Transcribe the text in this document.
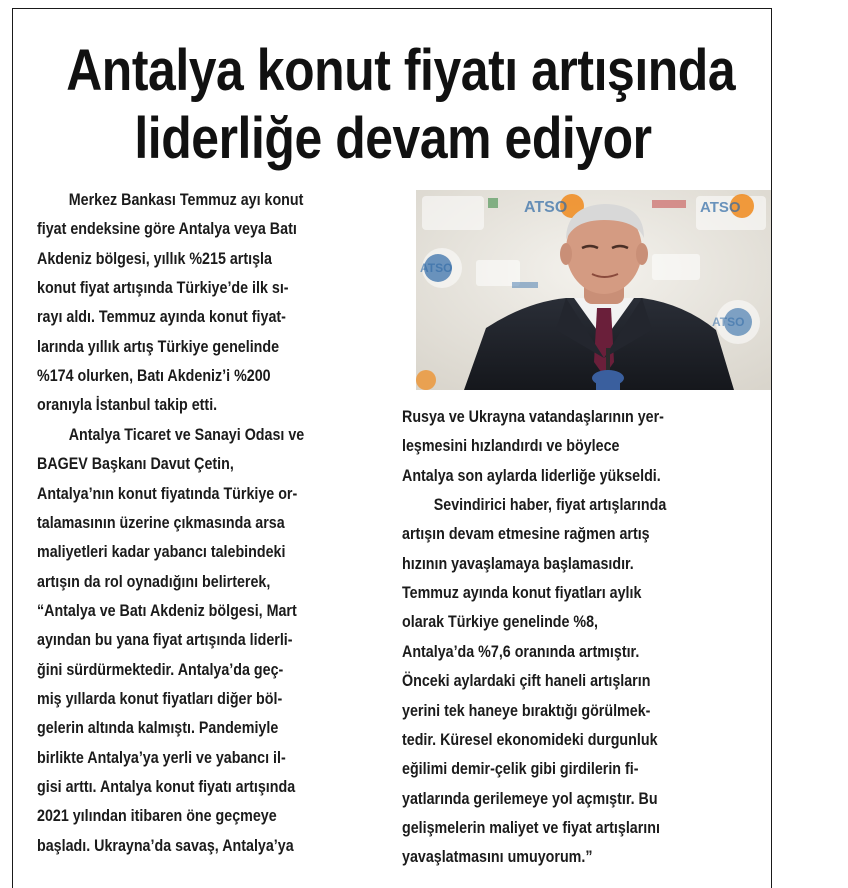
Antalya konut fiyatı artışında
liderliğe devam ediyor
Merkez Bankası Temmuz ayı konut
fiyat endeksine göre Antalya veya Batı
Akdeniz bölgesi, yıllık %215 artışla
konut fiyat artışında Türkiye’de ilk sı-
rayı aldı. Temmuz ayında konut fiyat-
larında yıllık artış Türkiye genelinde
%174 olurken, Batı Akdeniz’i %200
oranıyla İstanbul takip etti.
Antalya Ticaret ve Sanayi Odası ve
BAGEV Başkanı Davut Çetin,
Antalya’nın konut fiyatında Türkiye or-
talamasının üzerine çıkmasında arsa
maliyetleri kadar yabancı talebindeki
artışın da rol oynadığını belirterek,
“Antalya ve Batı Akdeniz bölgesi, Mart
ayından bu yana fiyat artışında liderli-
ğini sürdürmektedir. Antalya’da geç-
miş yıllarda konut fiyatları diğer böl-
gelerin altında kalmıştı. Pandemiyle
birlikte Antalya’ya yerli ve yabancı il-
gisi arttı. Antalya konut fiyatı artışında
2021 yılından itibaren öne geçmeye
başladı. Ukrayna’da savaş, Antalya’ya
ATSO	ATSO
ATSO
ATSO
Rusya ve Ukrayna vatandaşlarının yer-
leşmesini hızlandırdı ve böylece
Antalya son aylarda liderliğe yükseldi.
Sevindirici haber, fiyat artışlarında
artışın devam etmesine rağmen artış
hızının yavaşlamaya başlamasıdır.
Temmuz ayında konut fiyatları aylık
olarak Türkiye genelinde %8,
Antalya’da %7,6 oranında artmıştır.
Önceki aylardaki çift haneli artışların
yerini tek haneye bıraktığı görülmek-
tedir. Küresel ekonomideki durgunluk
eğilimi demir-çelik gibi girdilerin fi-
yatlarında gerilemeye yol açmıştır. Bu
gelişmelerin maliyet ve fiyat artışlarını
yavaşlatmasını umuyorum.”
